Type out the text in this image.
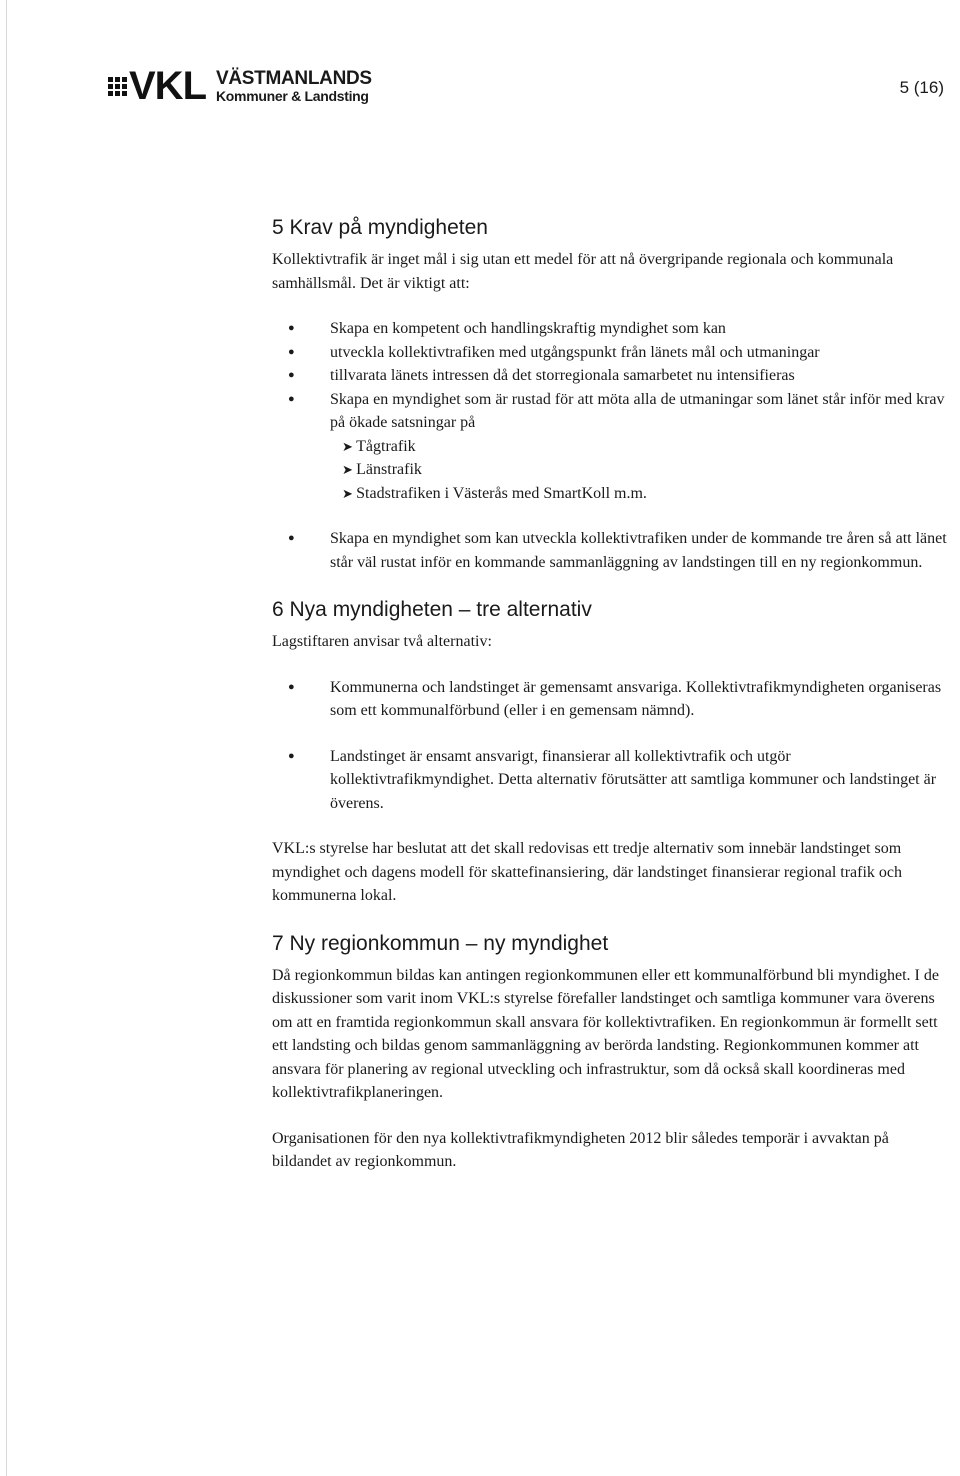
VKL VÄSTMANLANDS
Kommuner & Landsting	5 (16)
5 Krav på myndigheten

Kollektivtrafik är inget mål i sig utan ett medel för att nå övergripande regionala och kommunala samhällsmål. Det är viktigt att:

● Skapa en kompetent och handlingskraftig myndighet som kan
● utveckla kollektivtrafiken med utgångspunkt från länets mål och utmaningar
● tillvarata länets intressen då det storregionala samarbetet nu intensifieras
● Skapa en myndighet som är rustad för att möta alla de utmaningar som länet står inför med krav på ökade satsningar på
➤ Tågtrafik
➤ Länstrafik
➤ Stadstrafiken i Västerås med SmartKoll m.m.
● Skapa en myndighet som kan utveckla kollektivtrafiken under de kommande tre åren så att länet står väl rustat inför en kommande sammanläggning av landstingen till en ny regionkommun.
6 Nya myndigheten – tre alternativ

Lagstiftaren anvisar två alternativ:

● Kommunerna och landstinget är gemensamt ansvariga. Kollektivtrafikmyndigheten organiseras som ett kommunalförbund (eller i en gemensam nämnd).
● Landstinget är ensamt ansvarigt, finansierar all kollektivtrafik och utgör kollektivtrafikmyndighet. Detta alternativ förutsätter att samtliga kommuner och landstinget är överens.

VKL:s styrelse har beslutat att det skall redovisas ett tredje alternativ som innebär landstinget som myndighet och dagens modell för skattefinansiering, där landstinget finansierar regional trafik och kommunerna lokal.

7 Ny regionkommun – ny myndighet

Då regionkommun bildas kan antingen regionkommunen eller ett kommunalförbund bli myndighet. I de diskussioner som varit inom VKL:s styrelse förefaller landstinget och samtliga kommuner vara överens om att en framtida regionkommun skall ansvara för kollektivtrafiken. En regionkommun är formellt sett ett landsting och bildas genom sammanläggning av berörda landsting. Regionkommunen kommer att ansvara för planering av regional utveckling och infrastruktur, som då också skall koordineras med kollektivtrafikplaneringen.

Organisationen för den nya kollektivtrafikmyndigheten 2012 blir således temporär i avvaktan på bildandet av regionkommun.
